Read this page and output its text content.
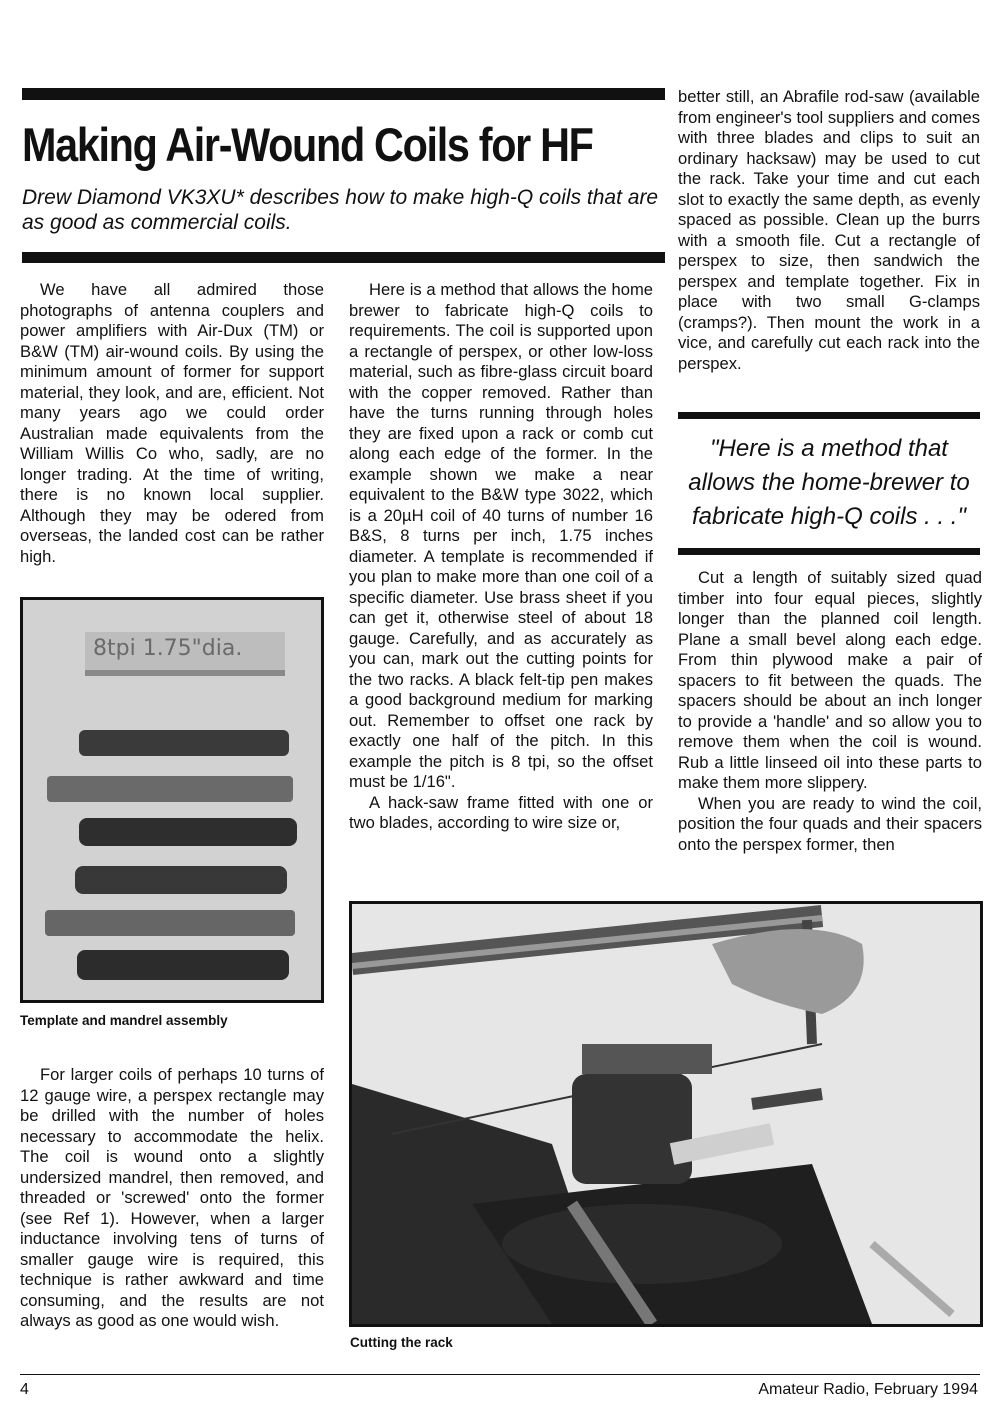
Making Air-Wound Coils for HF
Drew Diamond VK3XU* describes how to make high-Q coils that are as good as commercial coils.

We have all admired those photographs of antenna couplers and power amplifiers with Air-Dux (TM) or B&W (TM) air-wound coils. By using the minimum amount of former for support material, they look, and are, efficient. Not many years ago we could order Australian made equivalents from the William Willis Co who, sadly, are no longer trading. At the time of writing, there is no known local supplier. Although they may be odered from overseas, the landed cost can be rather high.

8tpi 1.75"dia.
Template and mandrel assembly

For larger coils of perhaps 10 turns of 12 gauge wire, a perspex rectangle may be drilled with the number of holes necessary to accommodate the helix. The coil is wound onto a slightly undersized mandrel, then removed, and threaded or 'screwed' onto the former (see Ref 1). However, when a larger inductance involving tens of turns of smaller gauge wire is required, this technique is rather awkward and time consuming, and the results are not always as good as one would wish.

Here is a method that allows the home brewer to fabricate high-Q coils to requirements. The coil is supported upon a rectangle of perspex, or other low-loss material, such as fibre-glass circuit board with the copper removed. Rather than have the turns running through holes they are fixed upon a rack or comb cut along each edge of the former. In the example shown we make a near equivalent to the B&W type 3022, which is a 20µH coil of 40 turns of number 16 B&S, 8 turns per inch, 1.75 inches diameter. A template is recommended if you plan to make more than one coil of a specific diameter. Use brass sheet if you can get it, otherwise steel of about 18 gauge. Carefully, and as accurately as you can, mark out the cutting points for the two racks. A black felt-tip pen makes a good background medium for marking out. Remember to offset one rack by exactly one half of the pitch. In this example the pitch is 8 tpi, so the offset must be 1/16".

A hack-saw frame fitted with one or two blades, according to wire size or,

better still, an Abrafile rod-saw (available from engineer's tool suppliers and comes with three blades and clips to suit an ordinary hacksaw) may be used to cut the rack. Take your time and cut each slot to exactly the same depth, as evenly spaced as possible. Clean up the burrs with a smooth file. Cut a rectangle of perspex to size, then sandwich the perspex and template together. Fix in place with two small G-clamps (cramps?). Then mount the work in a vice, and carefully cut each rack into the perspex.

"Here is a method that allows the home-brewer to fabricate high-Q coils . . ."

Cut a length of suitably sized quad timber into four equal pieces, slightly longer than the planned coil length. Plane a small bevel along each edge. From thin plywood make a pair of spacers to fit between the quads. The spacers should be about an inch longer to provide a 'handle' and so allow you to remove them when the coil is wound. Rub a little linseed oil into these parts to make them more slippery.

When you are ready to wind the coil, position the four quads and their spacers onto the perspex former, then

Cutting the rack
4	Amateur Radio, February 1994
